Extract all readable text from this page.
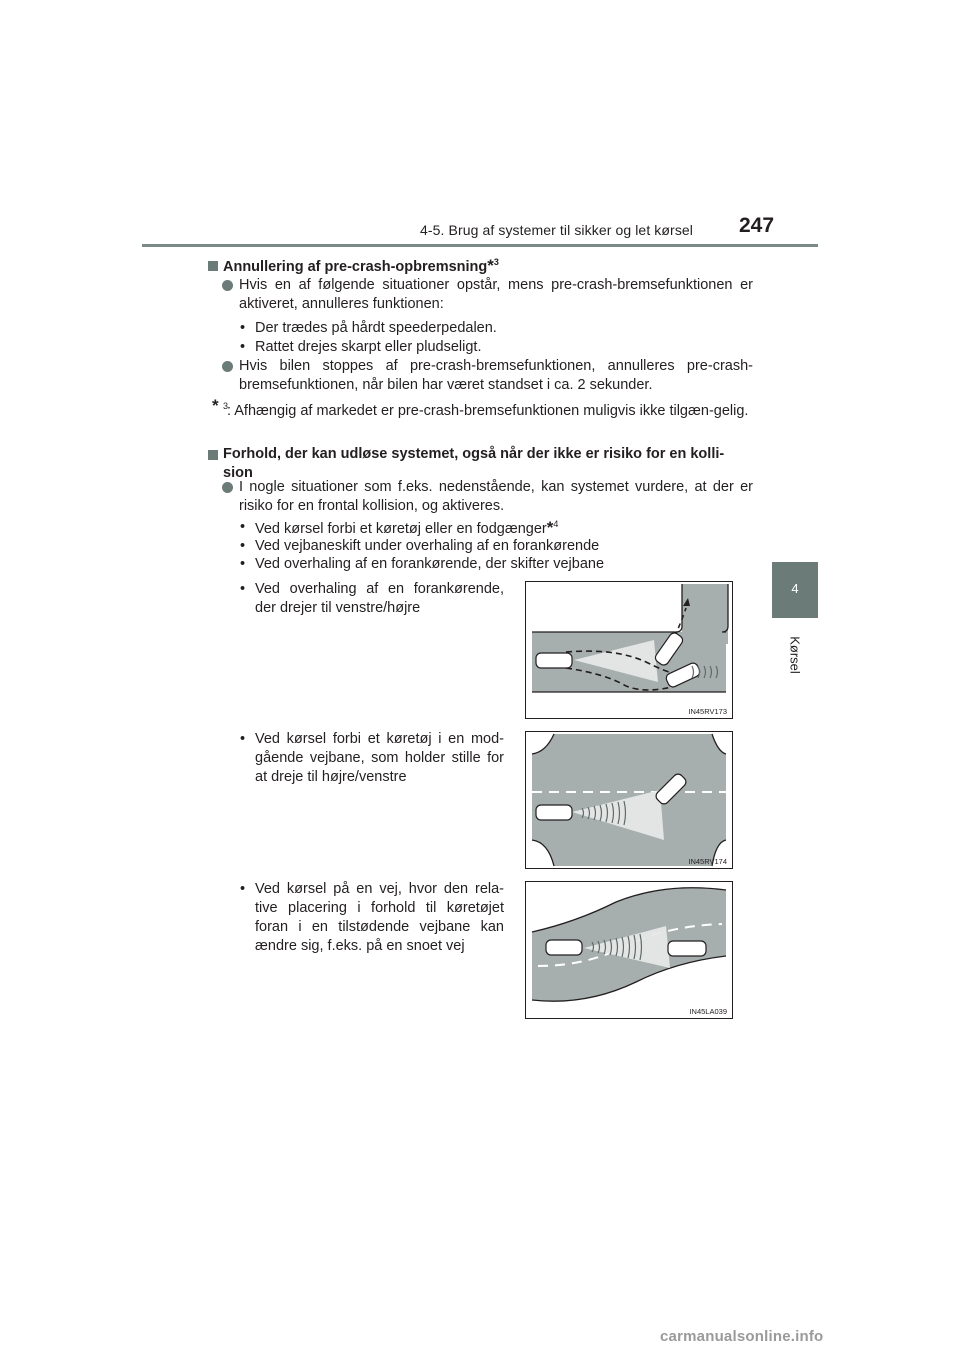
4-5. Brug af systemer til sikker og let kørsel 247
4
Kørsel
Annullering af pre-crash-opbremsning*$^3$
Hvis en af følgende situationer opstår, mens pre-crash-bremsefunktionen er aktiveret, annulleres funktionen:
• Der trædes på hårdt speederpedalen.
• Rattet drejes skarpt eller pludseligt.
Hvis bilen stoppes af pre-crash-bremsefunktionen, annulleres pre-crash-bremsefunktionen, når bilen har været standset i ca. 2 sekunder.
* 3
: Afhængig af markedet er pre-crash-bremsefunktionen muligvis ikke tilgæn-gelig.
Forhold, der kan udløse systemet, også når der ikke er risiko for en kolli-sion
I nogle situationer som f.eks. nedenstående, kan systemet vurdere, at der er risiko for en frontal kollision, og aktiveres.
• Ved kørsel forbi et køretøj eller en fodgænger*$^4$
• Ved vejbaneskift under overhaling af en forankørende
• Ved overhaling af en forankørende, der skifter vejbane
• Ved overhaling af en forankørende, der drejer til venstre/højre
IN45RV173
• Ved kørsel forbi et køretøj i en mod-gående vejbane, som holder stille for at dreje til højre/venstre
IN45RV174
• Ved kørsel på en vej, hvor den rela-tive placering i forhold til køretøjet foran i en tilstødende vejbane kan ændre sig, f.eks. på en snoet vej
IN45LA039
carmanualsonline.info
